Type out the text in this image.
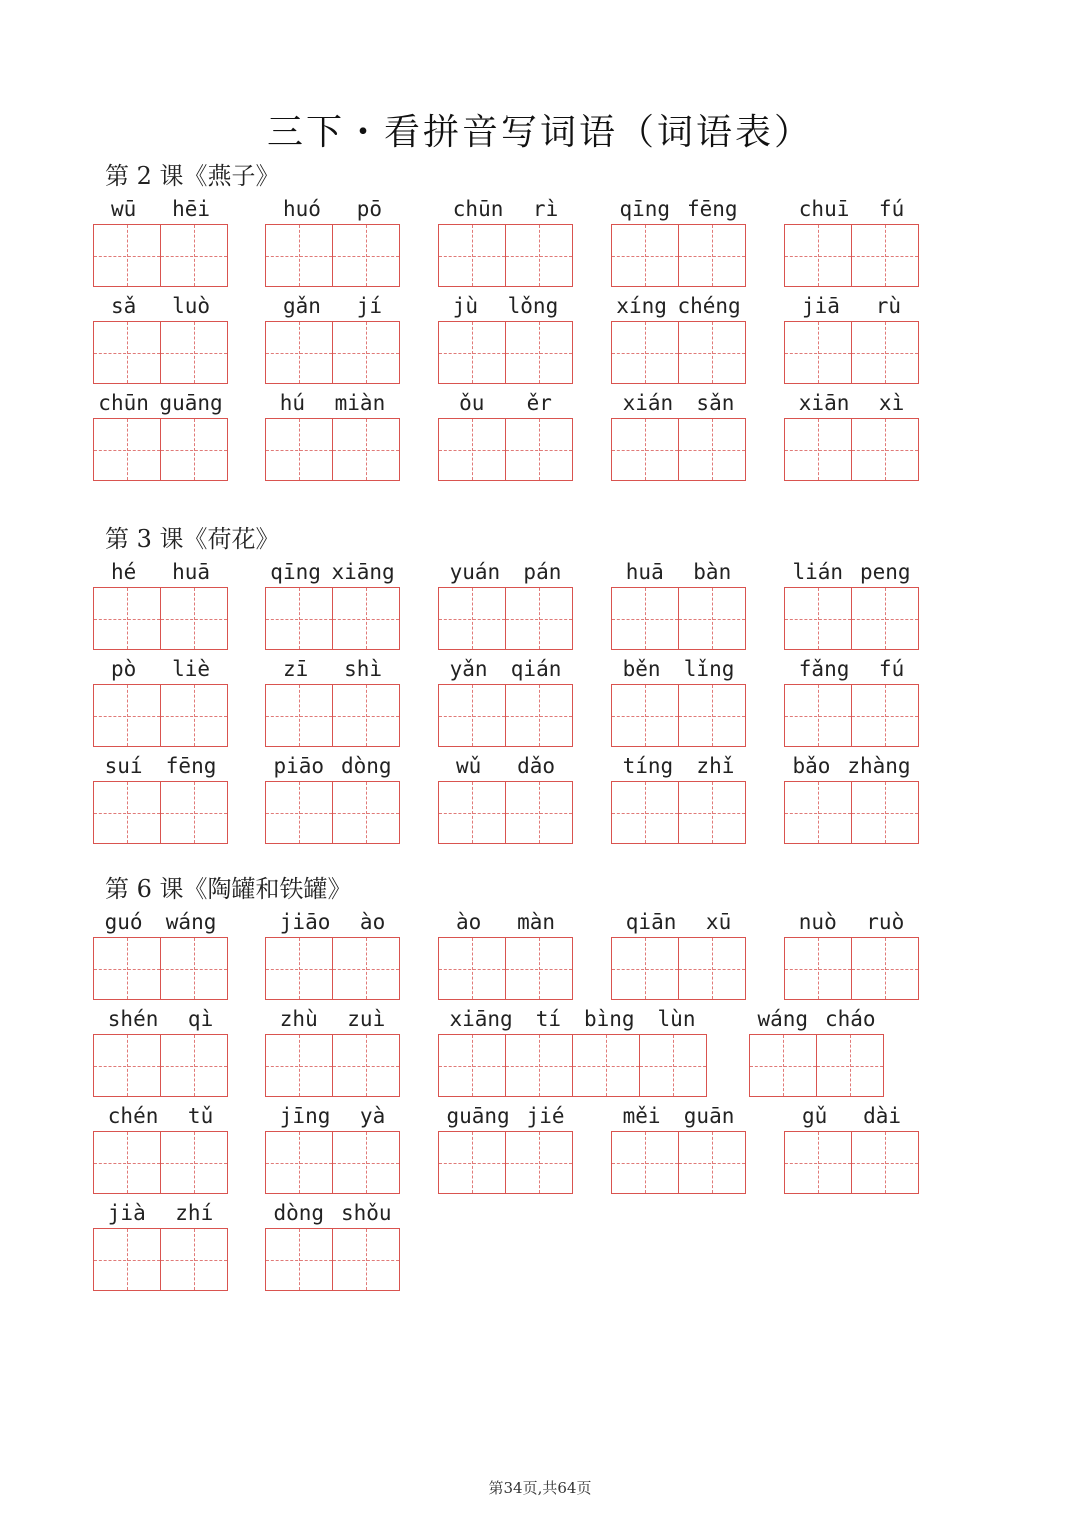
三下・看拼音写词语（词语表）
第 2 课《燕子》
第 3 课《荷花》
第 6 课《陶罐和铁罐》
wū hēi	huó pō	chūn rì	qīng fēng	chuī fú
sǎ luò	gǎn jí	jù lǒng	xíng chéng	jiā rù
chūn guāng	hú miàn	ǒu ěr	xián sǎn	xiān xì
hé huā	qīng xiāng	yuán pán	huā bàn	lián peng
pò liè	zī shì	yǎn qián	běn lǐng	fǎng fú
suí fēng	piāo dòng	wǔ dǎo	tíng zhǐ	bǎo zhàng
guó wáng	jiāo ào	ào màn	qiān xū	nuò ruò
shén qì	zhù zuì	xiāng tí bìng lùn	wáng cháo
chén tǔ	jīng yà	guāng jié	měi guān	gǔ dài
jià zhí	dòng shǒu
第34页,共64页
